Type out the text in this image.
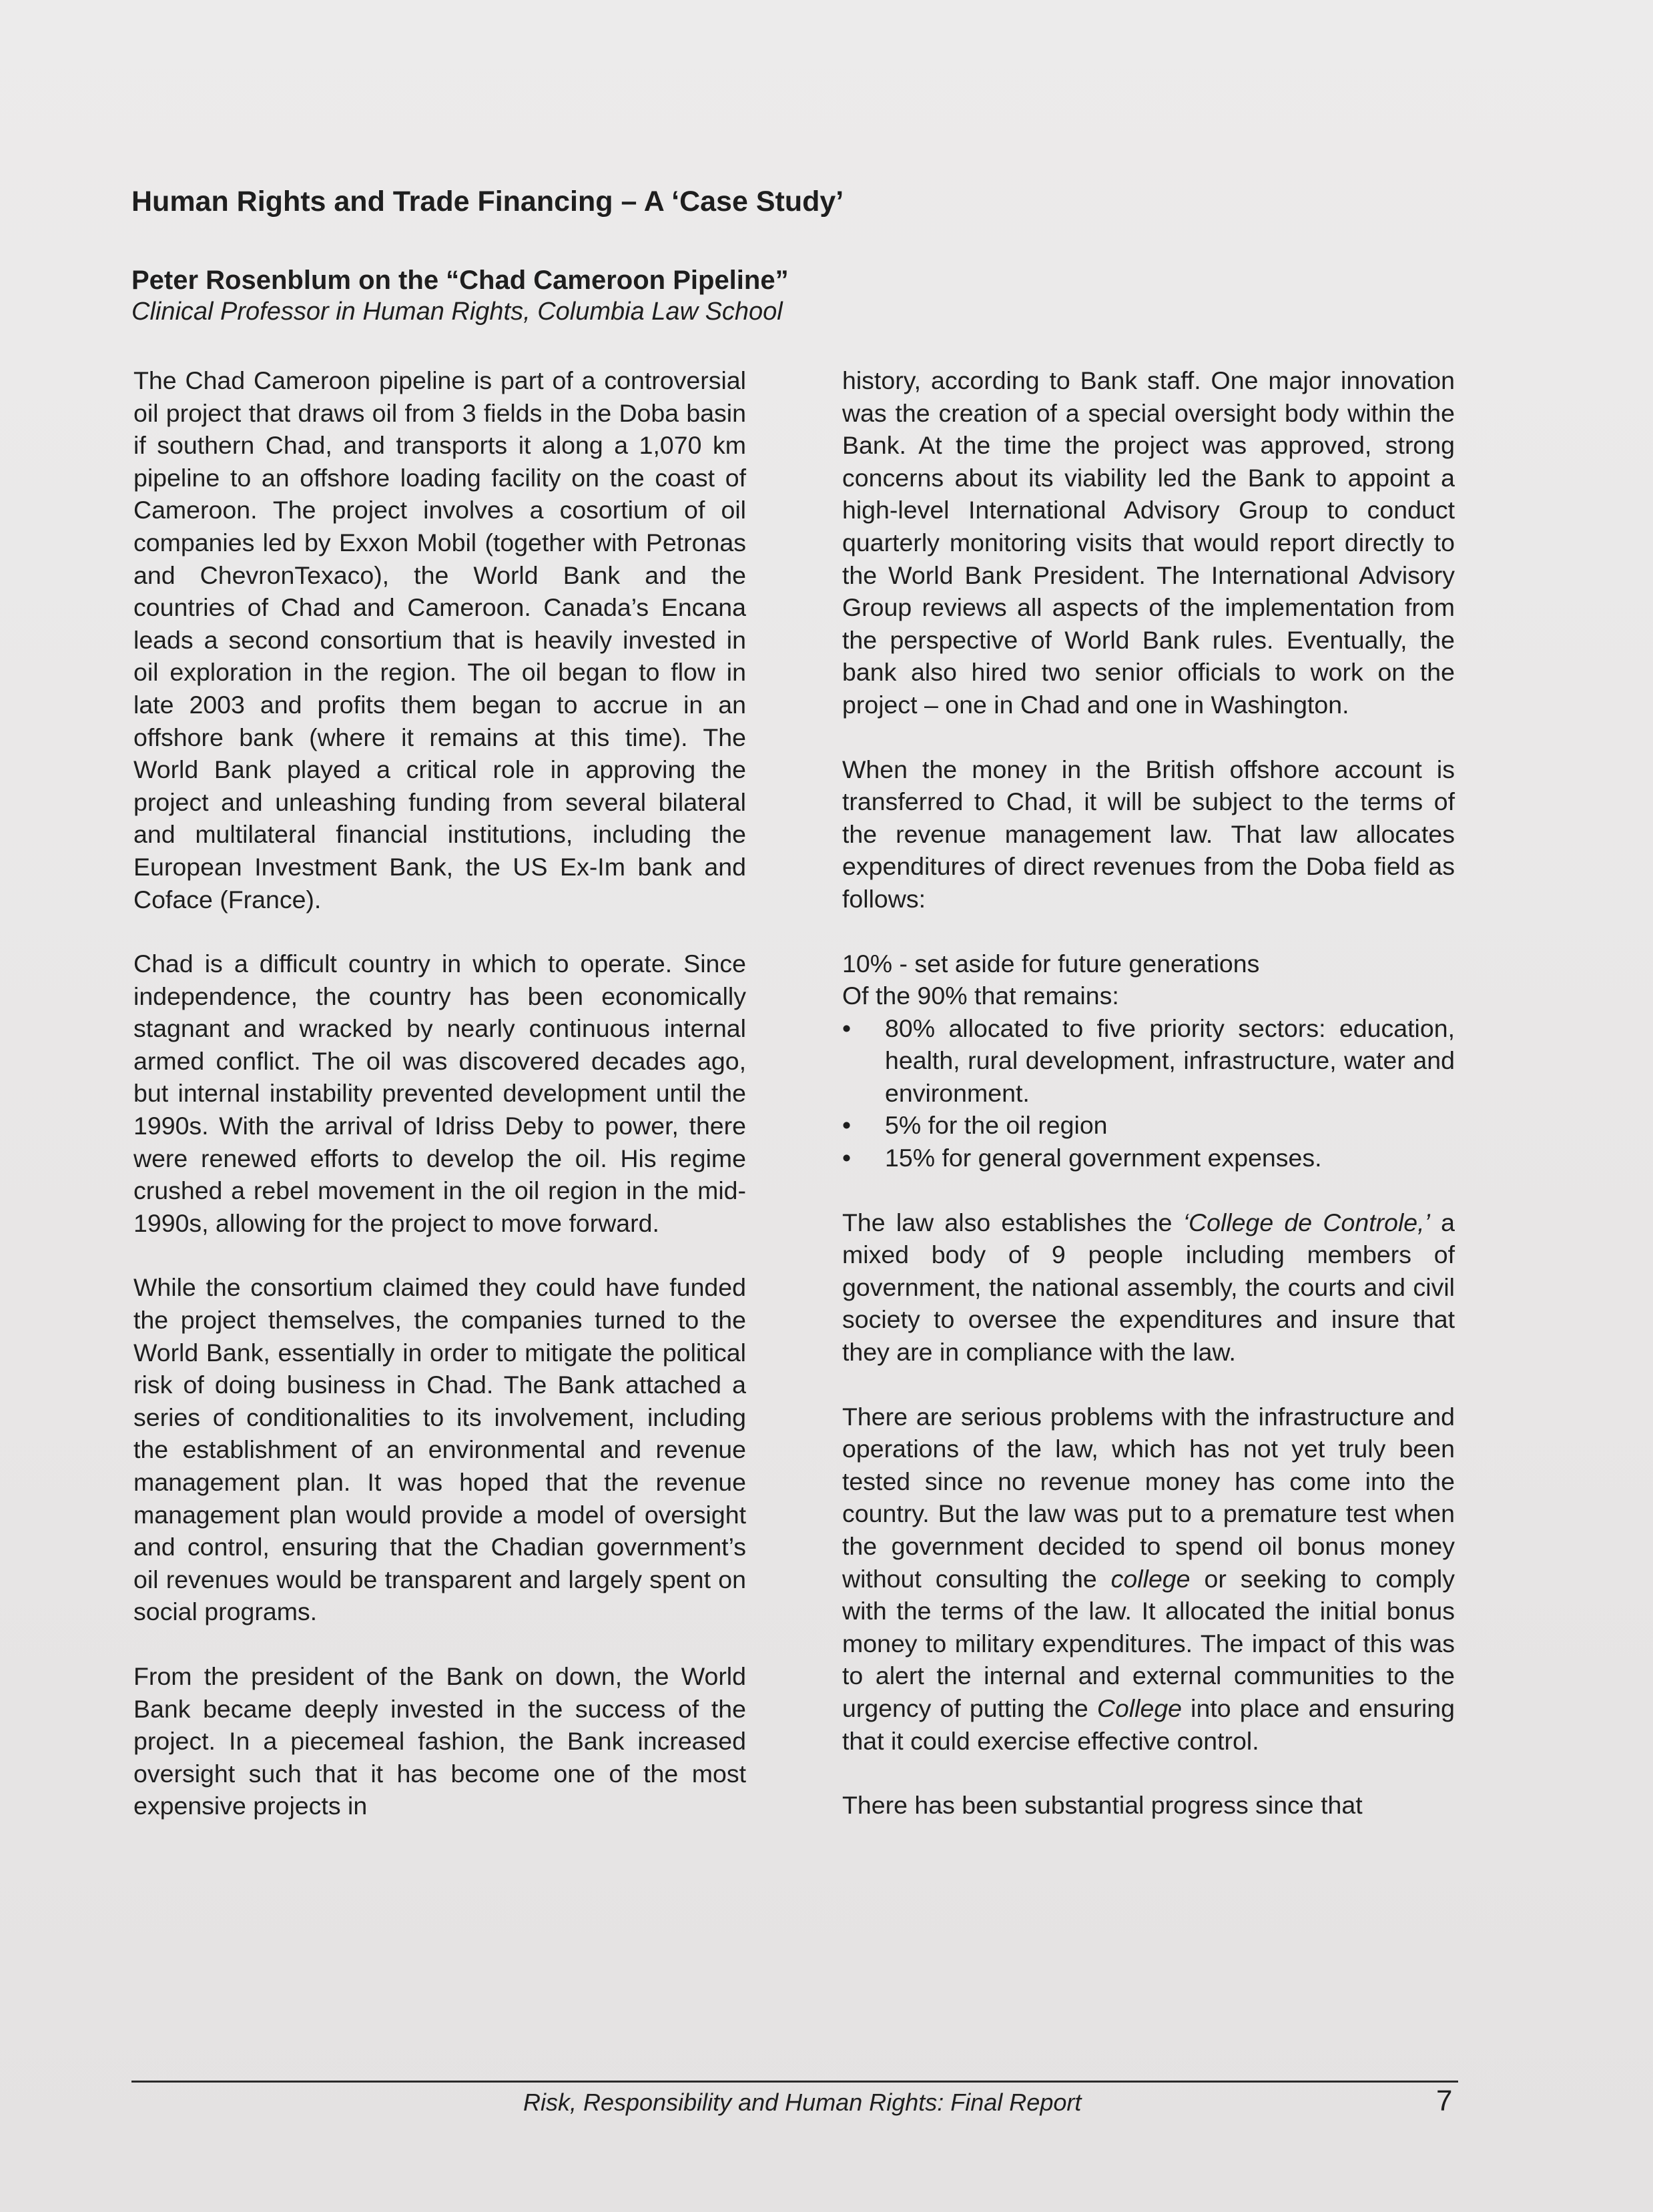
Human Rights and Trade Financing – A ‘Case Study’
Peter Rosenblum on the “Chad Cameroon Pipeline”

Clinical Professor in Human Rights, Columbia Law School

The Chad Cameroon pipeline is part of a controversial oil project that draws oil from 3 fields in the Doba basin if southern Chad, and transports it along a 1,070 km pipeline to an offshore loading facility on the coast of Cameroon. The project involves a cosortium of oil companies led by Exxon Mobil (together with Petronas and ChevronTexaco), the World Bank and the countries of Chad and Cameroon. Canada’s Encana leads a second consortium that is heavily invested in oil exploration in the region. The oil began to flow in late 2003 and profits them began to accrue in an offshore bank (where it remains at this time). The World Bank played a critical role in approving the project and unleashing funding from several bilateral and multilateral financial institutions, including the European Investment Bank, the US Ex-Im bank and Coface (France).

Chad is a difficult country in which to operate. Since independence, the country has been economically stagnant and wracked by nearly continuous internal armed conflict. The oil was discovered decades ago, but internal instability prevented development until the 1990s. With the arrival of Idriss Deby to power, there were renewed efforts to develop the oil. His regime crushed a rebel movement in the oil region in the mid-1990s, allowing for the project to move forward.

While the consortium claimed they could have funded the project themselves, the companies turned to the World Bank, essentially in order to mitigate the political risk of doing business in Chad. The Bank attached a series of conditionalities to its involvement, including the establishment of an environmental and revenue management plan. It was hoped that the revenue management plan would provide a model of oversight and control, ensuring that the Chadian government’s oil revenues would be transparent and largely spent on social programs.

From the president of the Bank on down, the World Bank became deeply invested in the success of the project. In a piecemeal fashion, the Bank increased oversight such that it has become one of the most expensive projects in

history, according to Bank staff. One major innovation was the creation of a special oversight body within the Bank. At the time the project was approved, strong concerns about its viability led the Bank to appoint a high-level International Advisory Group to conduct quarterly monitoring visits that would report directly to the World Bank President. The International Advisory Group reviews all aspects of the implementation from the perspective of World Bank rules. Eventually, the bank also hired two senior officials to work on the project – one in Chad and one in Washington.

When the money in the British offshore account is transferred to Chad, it will be subject to the terms of the revenue management law. That law allocates expenditures of direct revenues from the Doba field as follows:

10% - set aside for future generations

Of the 90% that remains:

• 80% allocated to five priority sectors: education, health, rural development, infrastructure, water and environment.
• 5% for the oil region
• 15% for general government expenses.

The law also establishes the ‘College de Controle,’ a mixed body of 9 people including members of government, the national assembly, the courts and civil society to oversee the expenditures and insure that they are in compliance with the law.

There are serious problems with the infrastructure and operations of the law, which has not yet truly been tested since no revenue money has come into the country. But the law was put to a premature test when the government decided to spend oil bonus money without consulting the college or seeking to comply with the terms of the law. It allocated the initial bonus money to military expenditures. The impact of this was to alert the internal and external communities to the urgency of putting the College into place and ensuring that it could exercise effective control.

There has been substantial progress since that

Risk, Responsibility and Human Rights: Final Report	7
